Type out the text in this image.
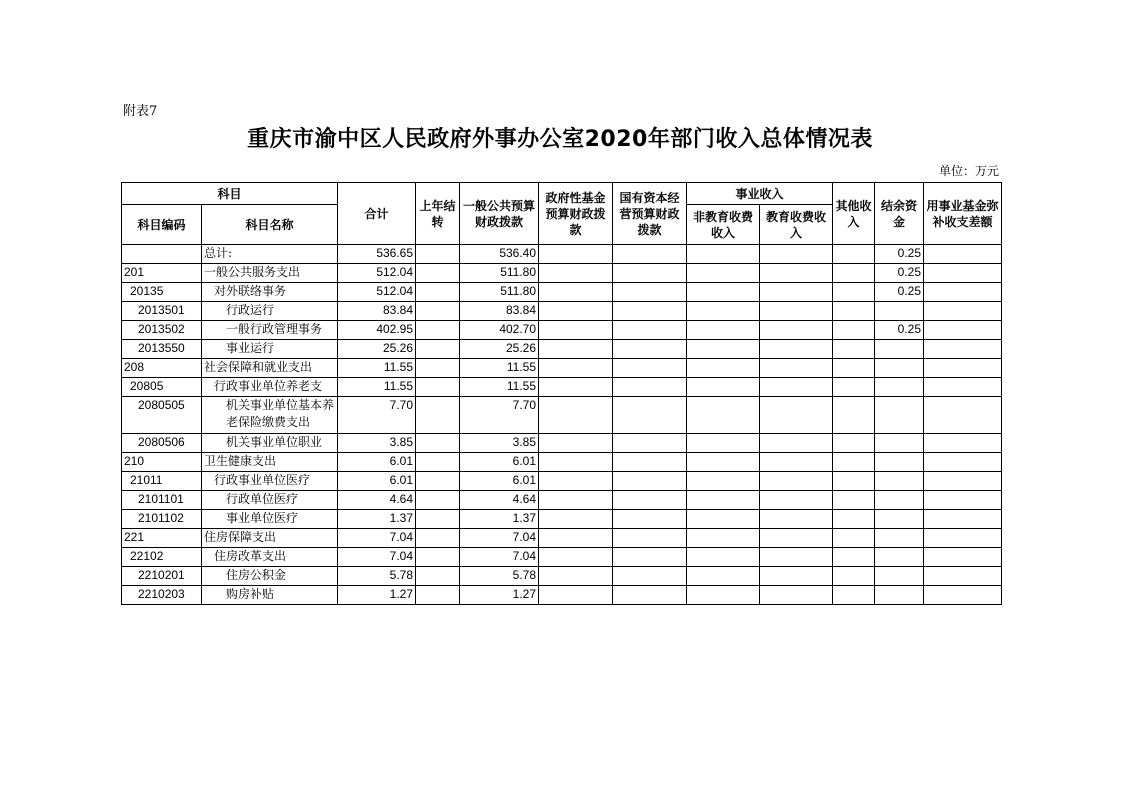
附表7
重庆市渝中区人民政府外事办公室2020年部门收入总体情况表
单位：万元
科目		合计	上年结转	一般公共预算财政拨款	政府性基金预算财政拨款	国有资本经营预算财政拨款	事业收入		其他收入	结余资金	用事业基金弥补收支差额
科目编码	科目名称						非教育收费收入	教育收费收入			

	总计:	536.65		536.40						0.25	
201	一般公共服务支出	512.04		511.80						0.25	
20135	对外联络事务	512.04		511.80						0.25	
2013501	行政运行	83.84		83.84							
2013502	一般行政管理事务	402.95		402.70						0.25	
2013550	事业运行	25.26		25.26							
208	社会保障和就业支出	11.55		11.55							
20805	行政事业单位养老支	11.55		11.55							
2080505	机关事业单位基本养老保险缴费支出	7.70		7.70							
2080506	机关事业单位职业	3.85		3.85							
210	卫生健康支出	6.01		6.01							
21011	行政事业单位医疗	6.01		6.01							
2101101	行政单位医疗	4.64		4.64							
2101102	事业单位医疗	1.37		1.37							
221	住房保障支出	7.04		7.04							
22102	住房改革支出	7.04		7.04							
2210201	住房公积金	5.78		5.78							
2210203	购房补贴	1.27		1.27							
